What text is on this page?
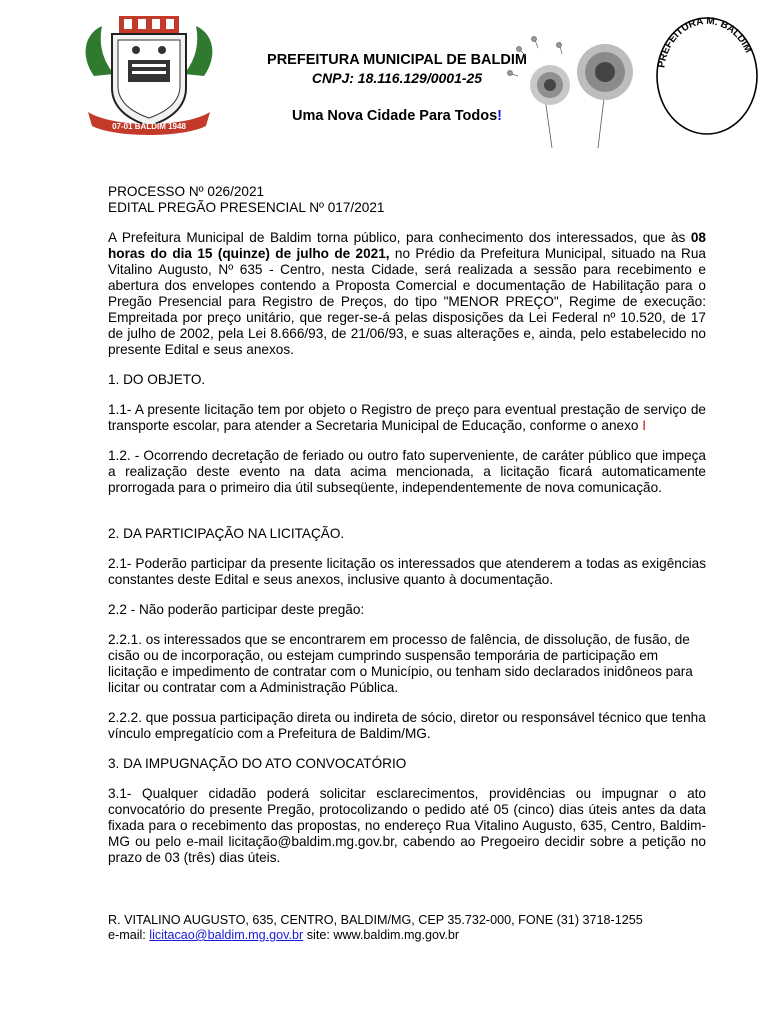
07-01 BALDIM 1948
PREFEITURA MUNICIPAL DE BALDIM
CNPJ: 18.116.129/0001-25
Uma Nova Cidade Para Todos!
PREFEITURA M. BALDIM

PROCESSO Nº 026/2021

EDITAL PREGÃO PRESENCIAL Nº 017/2021

A Prefeitura Municipal de Baldim torna público, para conhecimento dos interessados, que às 08 horas do dia 15 (quinze) de julho de 2021, no Prédio da Prefeitura Municipal, situado na Rua Vitalino Augusto, Nº 635 - Centro, nesta Cidade, será realizada a sessão para recebimento e abertura dos envelopes contendo a Proposta Comercial e documentação de Habilitação para o Pregão Presencial para Registro de Preços, do tipo "MENOR PREÇO", Regime de execução: Empreitada por preço unitário, que reger-se-á pelas disposições da Lei Federal nº 10.520, de 17 de julho de 2002, pela Lei 8.666/93, de 21/06/93, e suas alterações e, ainda, pelo estabelecido no presente Edital e seus anexos.

1. DO OBJETO.

1.1- A presente licitação tem por objeto o Registro de preço para eventual prestação de serviço de transporte escolar, para atender a Secretaria Municipal de Educação, conforme o anexo I

1.2. - Ocorrendo decretação de feriado ou outro fato superveniente, de caráter público que impeça a realização deste evento na data acima mencionada, a licitação ficará automaticamente prorrogada para o primeiro dia útil subseqüente, independentemente de nova comunicação.

2. DA PARTICIPAÇÃO NA LICITAÇÃO.

2.1- Poderão participar da presente licitação os interessados que atenderem a todas as exigências constantes deste Edital e seus anexos, inclusive quanto à documentação.

2.2 - Não poderão participar deste pregão:

2.2.1. os interessados que se encontrarem em processo de falência, de dissolução, de fusão, de cisão ou de incorporação, ou estejam cumprindo suspensão temporária de participação em licitação e impedimento de contratar com o Município, ou tenham sido declarados inidôneos para licitar ou contratar com a Administração Pública.

2.2.2. que possua participação direta ou indireta de sócio, diretor ou responsável técnico que tenha vínculo empregatício com a Prefeitura de Baldim/MG.

3. DA IMPUGNAÇÃO DO ATO CONVOCATÓRIO

3.1- Qualquer cidadão poderá solicitar esclarecimentos, providências ou impugnar o ato convocatório do presente Pregão, protocolizando o pedido até 05 (cinco) dias úteis antes da data fixada para o recebimento das propostas, no endereço Rua Vitalino Augusto, 635, Centro, Baldim-MG ou pelo e-mail licitação@baldim.mg.gov.br, cabendo ao Pregoeiro decidir sobre a petição no prazo de 03 (três) dias úteis.

R. VITALINO AUGUSTO, 635, CENTRO, BALDIM/MG, CEP 35.732-000, FONE (31) 3718-1255
e-mail: licitacao@baldim.mg.gov.br site: www.baldim.mg.gov.br
